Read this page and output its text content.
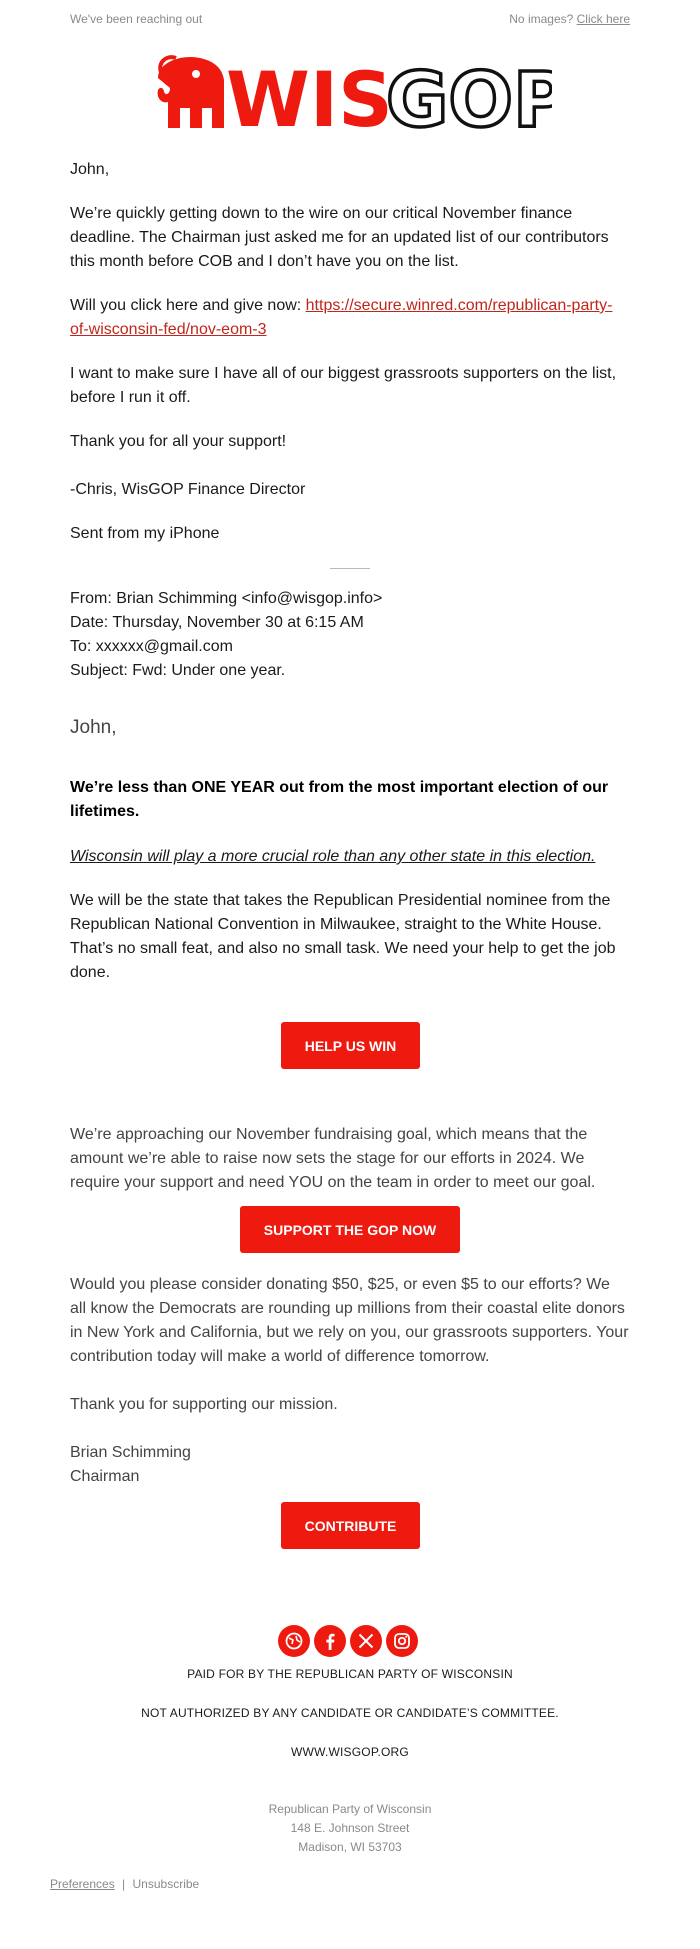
We've been reaching out	No images? Click here
WIS
GOP

John,

We’re quickly getting down to the wire on our critical November finance deadline. The Chairman just asked me for an updated list of our contributors this month before COB and I don’t have you on the list.

Will you click here and give now: https://secure.winred.com/republican-party-of-wisconsin-fed/nov-eom-3

I want to make sure I have all of our biggest grassroots supporters on the list, before I run it off.

Thank you for all your support!

-Chris, WisGOP Finance Director

Sent from my iPhone

From: Brian Schimming <info@wisgop.info>

Date: Thursday, November 30 at 6:15 AM

To: xxxxxx@gmail.com

Subject: Fwd: Under one year.

John,

We’re less than ONE YEAR out from the most important election of our lifetimes.

Wisconsin will play a more crucial role than any other state in this election.

We will be the state that takes the Republican Presidential nominee from the Republican National Convention in Milwaukee, straight to the White House. That’s no small feat, and also no small task. We need your help to get the job done.

HELP US WIN

We’re approaching our November fundraising goal, which means that the amount we’re able to raise now sets the stage for our efforts in 2024. We require your support and need YOU on the team in order to meet our goal.

SUPPORT THE GOP NOW

Would you please consider donating $50, $25, or even $5 to our efforts? We all know the Democrats are rounding up millions from their coastal elite donors in New York and California, but we rely on you, our grassroots supporters. Your contribution today will make a world of difference tomorrow.

Thank you for supporting our mission.

Brian Schimming

Chairman

CONTRIBUTE
PAID FOR BY THE REPUBLICAN PARTY OF WISCONSIN
NOT AUTHORIZED BY ANY CANDIDATE OR CANDIDATE’S COMMITTEE.
WWW.WISGOP.ORG
Republican Party of Wisconsin
148 E. Johnson Street
Madison, WI 53703
Preferences | Unsubscribe
